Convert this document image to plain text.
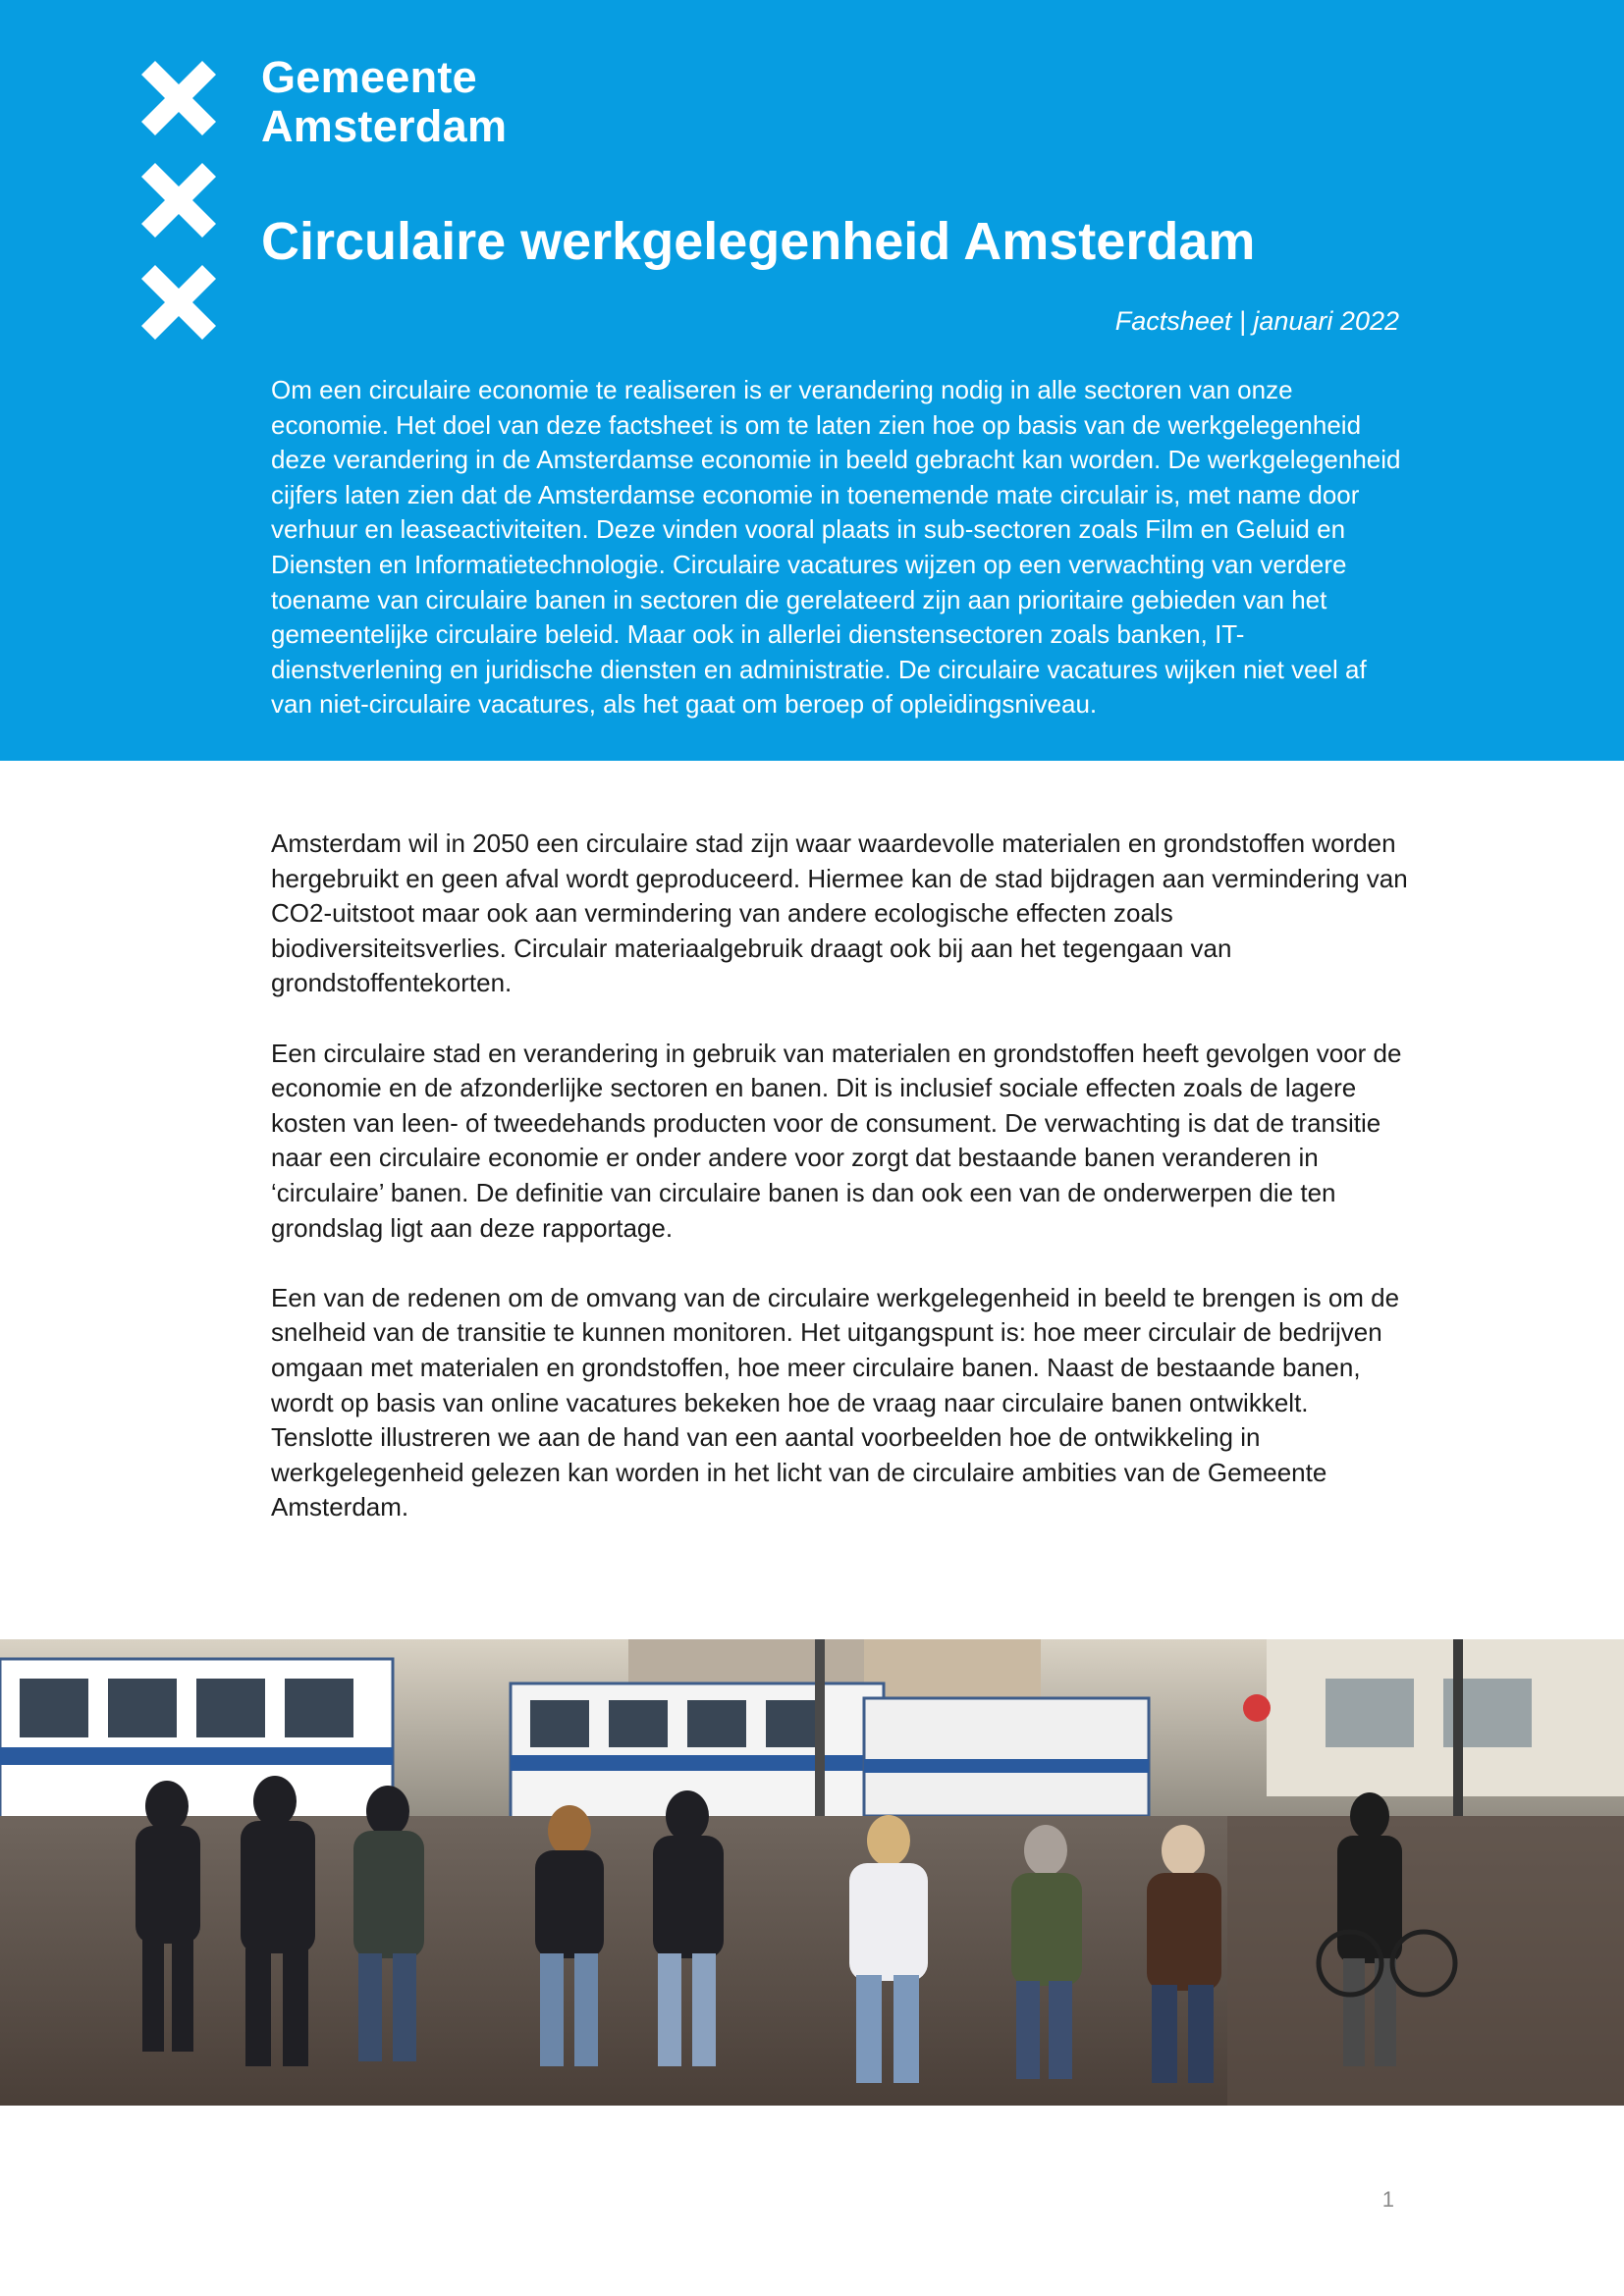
Gemeente
Amsterdam
Circulaire werkgelegenheid Amsterdam
Factsheet | januari 2022

Om een circulaire economie te realiseren is er verandering nodig in alle sectoren van onze economie. Het doel van deze factsheet is om te laten zien hoe op basis van de werkgelegenheid deze verandering in de Amsterdamse economie in beeld gebracht kan worden. De werkgelegenheid cijfers laten zien dat de Amsterdamse economie in toenemende mate circulair is, met name door verhuur en leaseactiviteiten. Deze vinden vooral plaats in sub-sectoren zoals Film en Geluid en Diensten en Informatietechnologie. Circulaire vacatures wijzen op een verwachting van verdere toename van circulaire banen in sectoren die gerelateerd zijn aan prioritaire gebieden van het gemeentelijke circulaire beleid. Maar ook in allerlei dienstensectoren zoals banken, IT-dienstverlening en juridische diensten en administratie. De circulaire vacatures wijken niet veel af van niet-circulaire vacatures, als het gaat om beroep of opleidingsniveau.

Amsterdam wil in 2050 een circulaire stad zijn waar waardevolle materialen en grondstoffen worden hergebruikt en geen afval wordt geproduceerd. Hiermee kan de stad bijdragen aan vermindering van CO2-uitstoot maar ook aan vermindering van andere ecologische effecten zoals biodiversiteitsverlies. Circulair materiaalgebruik draagt ook bij aan het tegengaan van grondstoffentekorten.

Een circulaire stad en verandering in gebruik van materialen en grondstoffen heeft gevolgen voor de economie en de afzonderlijke sectoren en banen. Dit is inclusief sociale effecten zoals de lagere kosten van leen- of tweedehands producten voor de consument. De verwachting is dat de transitie naar een circulaire economie er onder andere voor zorgt dat bestaande banen veranderen in ‘circulaire’ banen. De definitie van circulaire banen is dan ook een van de onderwerpen die ten grondslag ligt aan deze rapportage.

Een van de redenen om de omvang van de circulaire werkgelegenheid in beeld te brengen is om de snelheid van de transitie te kunnen monitoren. Het uitgangspunt is: hoe meer circulair de bedrijven omgaan met materialen en grondstoffen, hoe meer circulaire banen. Naast de bestaande banen, wordt op basis van online vacatures bekeken hoe de vraag naar circulaire banen ontwikkelt. Tenslotte illustreren we aan de hand van een aantal voorbeelden hoe de ontwikkeling in werkgelegenheid gelezen kan worden in het licht van de circulaire ambities van de Gemeente Amsterdam.

1
